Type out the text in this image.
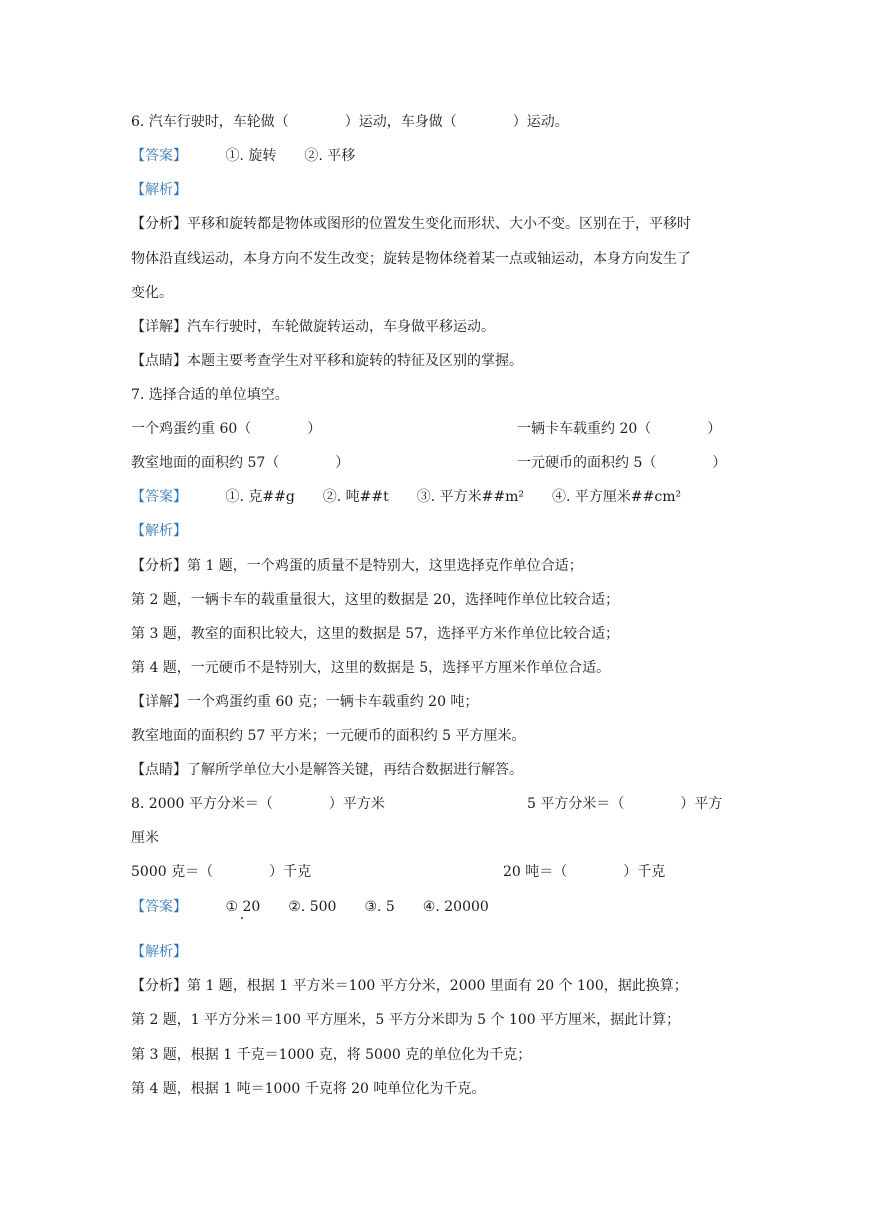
6. 汽车行驶时，车轮做（　　　　）运动，车身做（　　　　）运动。
【答案】	①. 旋转　　②. 平移
【解析】
【分析】平移和旋转都是物体或图形的位置发生变化而形状、大小不变。区别在于，平移时
物体沿直线运动，本身方向不发生改变；旋转是物体绕着某一点或轴运动，本身方向发生了
变化。
【详解】汽车行驶时，车轮做旋转运动，车身做平移运动。
【点睛】本题主要考查学生对平移和旋转的特征及区别的掌握。
7. 选择合适的单位填空。
一个鸡蛋约重 60（　　　　）	一辆卡车载重约 20（　　　　）
教室地面的面积约 57（　　　　）	一元硬币的面积约 5（　　　　）
【答案】	①. 克##g　　②. 吨##t　　③. 平方米##m²　　④. 平方厘米##cm²
【解析】
【分析】第 1 题，一个鸡蛋的质量不是特别大，这里选择克作单位合适；
第 2 题，一辆卡车的载重量很大，这里的数据是 20，选择吨作单位比较合适；
第 3 题，教室的面积比较大，这里的数据是 57，选择平方米作单位比较合适；
第 4 题，一元硬币不是特别大，这里的数据是 5，选择平方厘米作单位合适。
【详解】一个鸡蛋约重 60 克；一辆卡车载重约 20 吨；
教室地面的面积约 57 平方米；一元硬币的面积约 5 平方厘米。
【点睛】了解所学单位大小是解答关键，再结合数据进行解答。
8. 2000 平方分米＝（　　　　）平方米	5 平方分米＝（　　　　）平方
厘米
5000 克＝（　　　　）千克	20 吨＝（　　　　）千克
【答案】	① 20　　②. 500　　③. 5　　④. 20000
【解析】
【分析】第 1 题，根据 1 平方米＝100 平方分米，2000 里面有 20 个 100，据此换算；
第 2 题，1 平方分米＝100 平方厘米，5 平方分米即为 5 个 100 平方厘米，据此计算；
第 3 题，根据 1 千克＝1000 克，将 5000 克的单位化为千克；
第 4 题，根据 1 吨＝1000 千克将 20 吨单位化为千克。
